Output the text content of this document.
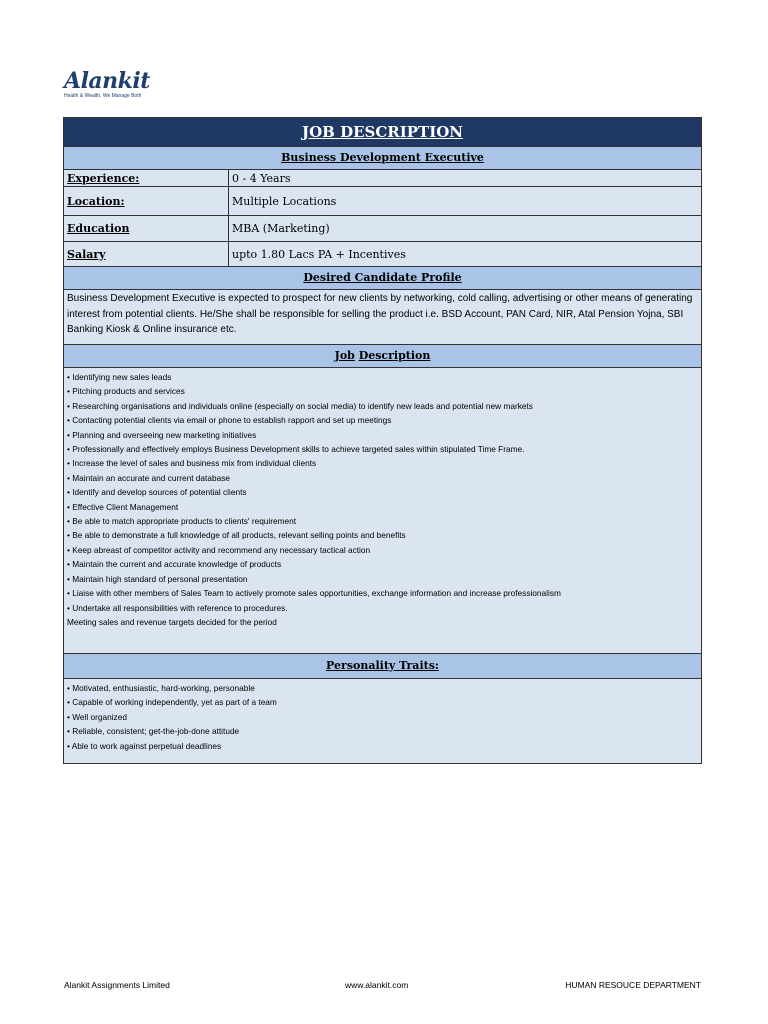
Alankit
Health & Wealth, We Manage Both
JOB DESCRIPTION
Business Development Executive
Experience:	0 - 4 Years
Location:	Multiple Locations
Education	MBA (Marketing)
Salary	upto 1.80 Lacs PA + Incentives
Desired Candidate Profile
Business Development Executive is expected to prospect for new clients by networking, cold calling, advertising or other means of generating interest from potential clients. He/She shall be responsible for selling the product i.e. BSD Account, PAN Card, NIR, Atal Pension Yojna, SBI Banking Kiosk & Online insurance etc.
Job Description
• Identifying new sales leads
• Pitching products and services
• Researching organisations and individuals online (especially on social media) to identify new leads and potential new markets
• Contacting potential clients via email or phone to establish rapport and set up meetings
• Planning and overseeing new marketing initiatives
• Professionally and effectively employs Business Development skills to achieve targeted sales within stipulated Time Frame.
• Increase the level of sales and business mix from individual clients
• Maintain an accurate and current database
• Identify and develop sources of potential clients
• Effective Client Management
• Be able to match appropriate products to clients' requirement
• Be able to demonstrate a full knowledge of all products, relevant selling points and benefits
• Keep abreast of competitor activity and recommend any necessary tactical action
• Maintain the current and accurate knowledge of products
• Maintain high standard of personal presentation
• Liaise with other members of Sales Team to actively promote sales opportunities, exchange information and increase professionalism
• Undertake all responsibilities with reference to procedures.
Meeting sales and revenue targets decided for the period
Personality Traits:
• Motivated, enthusiastic, hard-working, personable
• Capable of working independently, yet as part of a team
• Well organized
• Reliable, consistent; get-the-job-done attitude
• Able to work against perpetual deadlines
Alankit Assignments Limited	www.alankit.com	HUMAN RESOUCE DEPARTMENT
